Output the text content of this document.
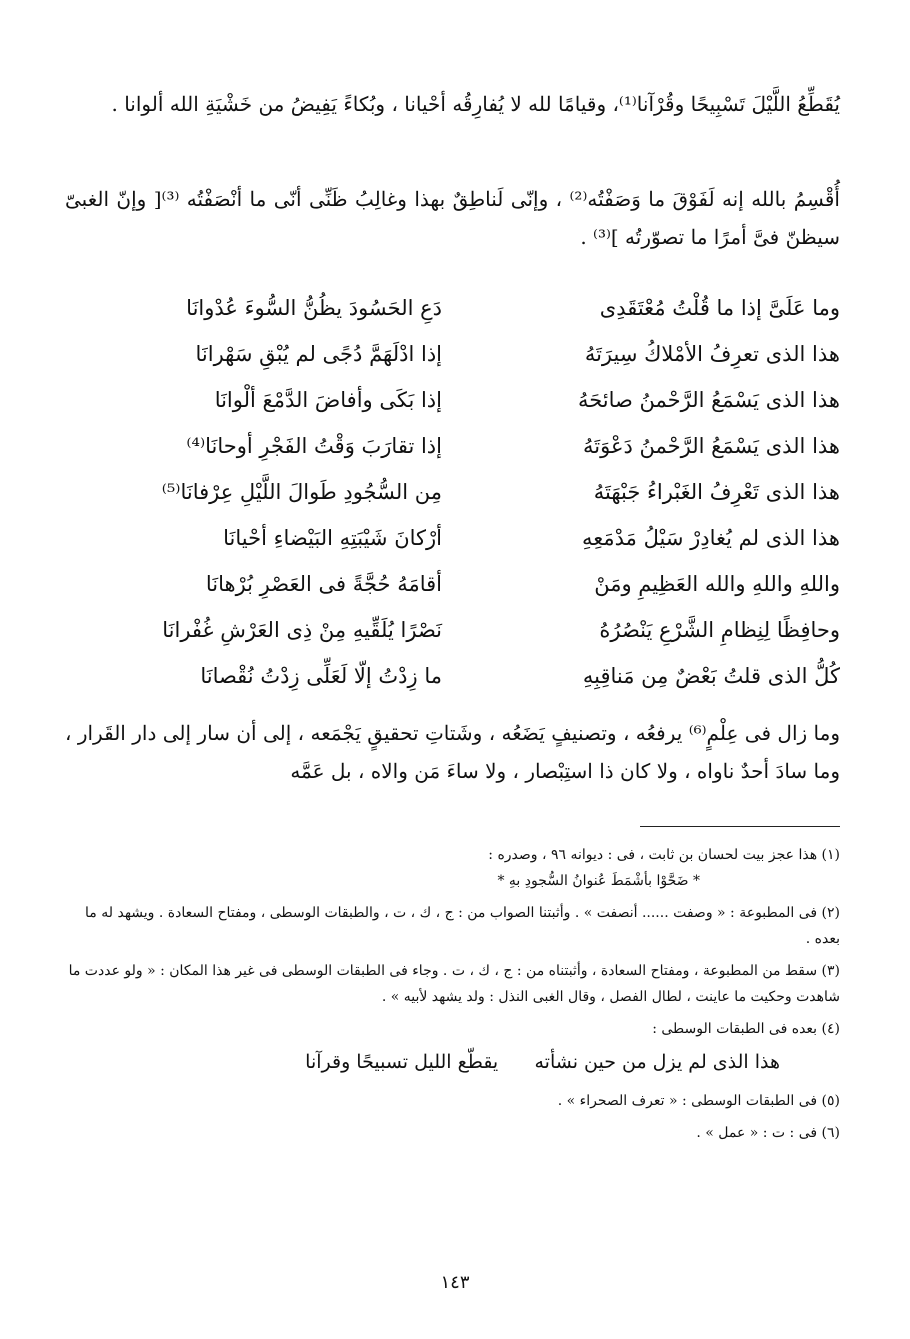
يُقَطِّعُ اللَّيْلَ تَسْبِيحًا وقُرْآنا⁽¹⁾، وقيامًا لله لا يُفارِقُه أحْيانا ، وبُكاءً يَفِيضُ من خَشْيَةِ الله ألوانا .

أُقْسِمُ بالله إنه لَفَوْقَ ما وَصَفْتُه⁽²⁾ ، وإنّى لَناطِقٌ بهذا وغالِبُ ظَنِّى أنّى ما أنْصَفْتُه ⁽³⁾[ وإنّ الغبىّ سيظنّ فىَّ أمرًا ما تصوّرتُه ]⁽³⁾ .

وما عَلَىَّ إذا ما قُلْتُ مُعْتَقَدِى
دَعِ الحَسُودَ يظُنُّ السُّوءَ عُدْوانَا
هذا الذى تعرِفُ الأمْلاكُ سِيرَتَهُ
إذا ادْلَهَمَّ دُجًى لم يُبْقِ سَهْرانَا
هذا الذى يَسْمَعُ الرَّحْمنُ صائحَهُ
إذا بَكَى وأفاضَ الدَّمْعَ ألْوانَا
هذا الذى يَسْمَعُ الرَّحْمنُ دَعْوَتَهُ
إذا تقارَبَ وَقْتُ الفَجْرِ أوحانَا⁽⁴⁾
هذا الذى تَعْرِفُ الغَبْراءُ جَبْهَتَهُ
مِن السُّجُودِ طَوالَ اللَّيْلِ عِرْفانَا⁽⁵⁾
هذا الذى لم يُغادِرْ سَيْلُ مَدْمَعِهِ
أرْكانَ شَيْبَتِهِ البَيْضاءِ أحْيانَا
واللهِ واللهِ والله العَظِيمِ ومَنْ
أقامَهُ حُجَّةً فى العَصْرِ بُرْهانَا
وحافِظًا لِنِظامِ الشَّرْعِ يَنْصُرُهُ
نَصْرًا يُلَقِّيهِ مِنْ ذِى العَرْشِ غُفْرانَا
كُلُّ الذى قلتُ بَعْضٌ مِن مَناقِبِهِ
ما زِدْتُ إلّا لَعَلِّى زِدْتُ نُقْصانَا

وما زال فى عِلْمٍ⁽⁶⁾ يرفعُه ، وتصنيفٍ يَضَعُه ، وشَتاتِ تحقيقٍ يَجْمَعه ، إلى أن سار إلى دار القَرار ، وما سادَ أحدٌ ناواه ، ولا كان ذا استِبْصار ، ولا ساءَ مَن والاه ، بل عَمَّه

(١) هذا عجز بيت لحسان بن ثابت ، فى : ديوانه ٩٦ ، وصدره :
* ضَحَّوْا بأشْمَطَ عُنوانُ السُّجودِ بهِ *
(٢) فى المطبوعة : « وصفت ...... أنصفت » . وأثبتنا الصواب من : ج ، ك ، ت ، والطبقات الوسطى ، ومفتاح السعادة . ويشهد له ما بعده .
(٣) سقط من المطبوعة ، ومفتاح السعادة ، وأثبتناه من : ج ، ك ، ت . وجاء فى الطبقات الوسطى فى غير هذا المكان : « ولو عددت ما شاهدت وحكيت ما عاينت ، لطال الفصل ، وقال الغبى النذل : ولد يشهد لأبيه » .
(٤) بعده فى الطبقات الوسطى :
هذا الذى لم يزل من حين نشأته      يقطّع الليل تسبيحًا وقرآنا
(٥) فى الطبقات الوسطى : « تعرف الصحراء » .
(٦) فى : ت : « عمل » .
١٤٣
